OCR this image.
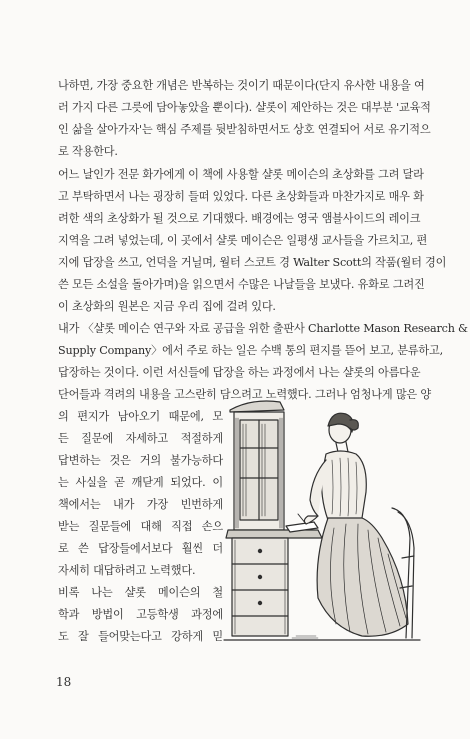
나하면, 가장 중요한 개념은 반복하는 것이기 때문이다(단지 유사한 내용을 여
러 가지 다른 그릇에 담아놓았을 뿐이다). 샬롯이 제안하는 것은 대부분 '교육적
인 삶을 살아가자'는 핵심 주제를 뒷받침하면서도 상호 연결되어 서로 유기적으
로 작용한다.
어느 날인가 전문 화가에게 이 책에 사용할 샬롯 메이슨의 초상화를 그려 달라
고 부탁하면서 나는 굉장히 들떠 있었다. 다른 초상화들과 마찬가지로 매우 화
려한 색의 초상화가 될 것으로 기대했다. 배경에는 영국 앰블사이드의 레이크
지역을 그려 넣었는데, 이 곳에서 샬롯 메이슨은 일평생 교사들을 가르치고, 편
지에 답장을 쓰고, 언덕을 거닐며, 월터 스코트 경 Walter Scott의 작품(월터 경이
쓴 모든 소설을 돌아가며)을 읽으면서 수많은 나날들을 보냈다. 유화로 그려진
이 초상화의 원본은 지금 우리 집에 걸려 있다.
내가 〈샬롯 메이슨 연구와 자료 공급을 위한 출판사 Charlotte Mason Research &
Supply Company〉에서 주로 하는 일은 수백 통의 편지를 뜯어 보고, 분류하고,
답장하는 것이다. 이런 서신들에 답장을 하는 과정에서 나는 샬롯의 아름다운
단어들과 격려의 내용을 고스란히 담으려고 노력했다. 그러나 엄청나게 많은 양
의 편지가 남아오기 때문에, 모
든 질문에 자세하고 적절하게
답변하는 것은 거의 불가능하다
는 사실을 곧 깨닫게 되었다. 이
책에서는 내가 가장 빈번하게
받는 질문들에 대해 직접 손으
로 쓴 답장들에서보다 훨씬 더
자세히 대답하려고 노력했다.
비록 나는 샬롯 메이슨의 철
학과 방법이 고등학생 과정에
도 잘 들어맞는다고 강하게 믿
18
